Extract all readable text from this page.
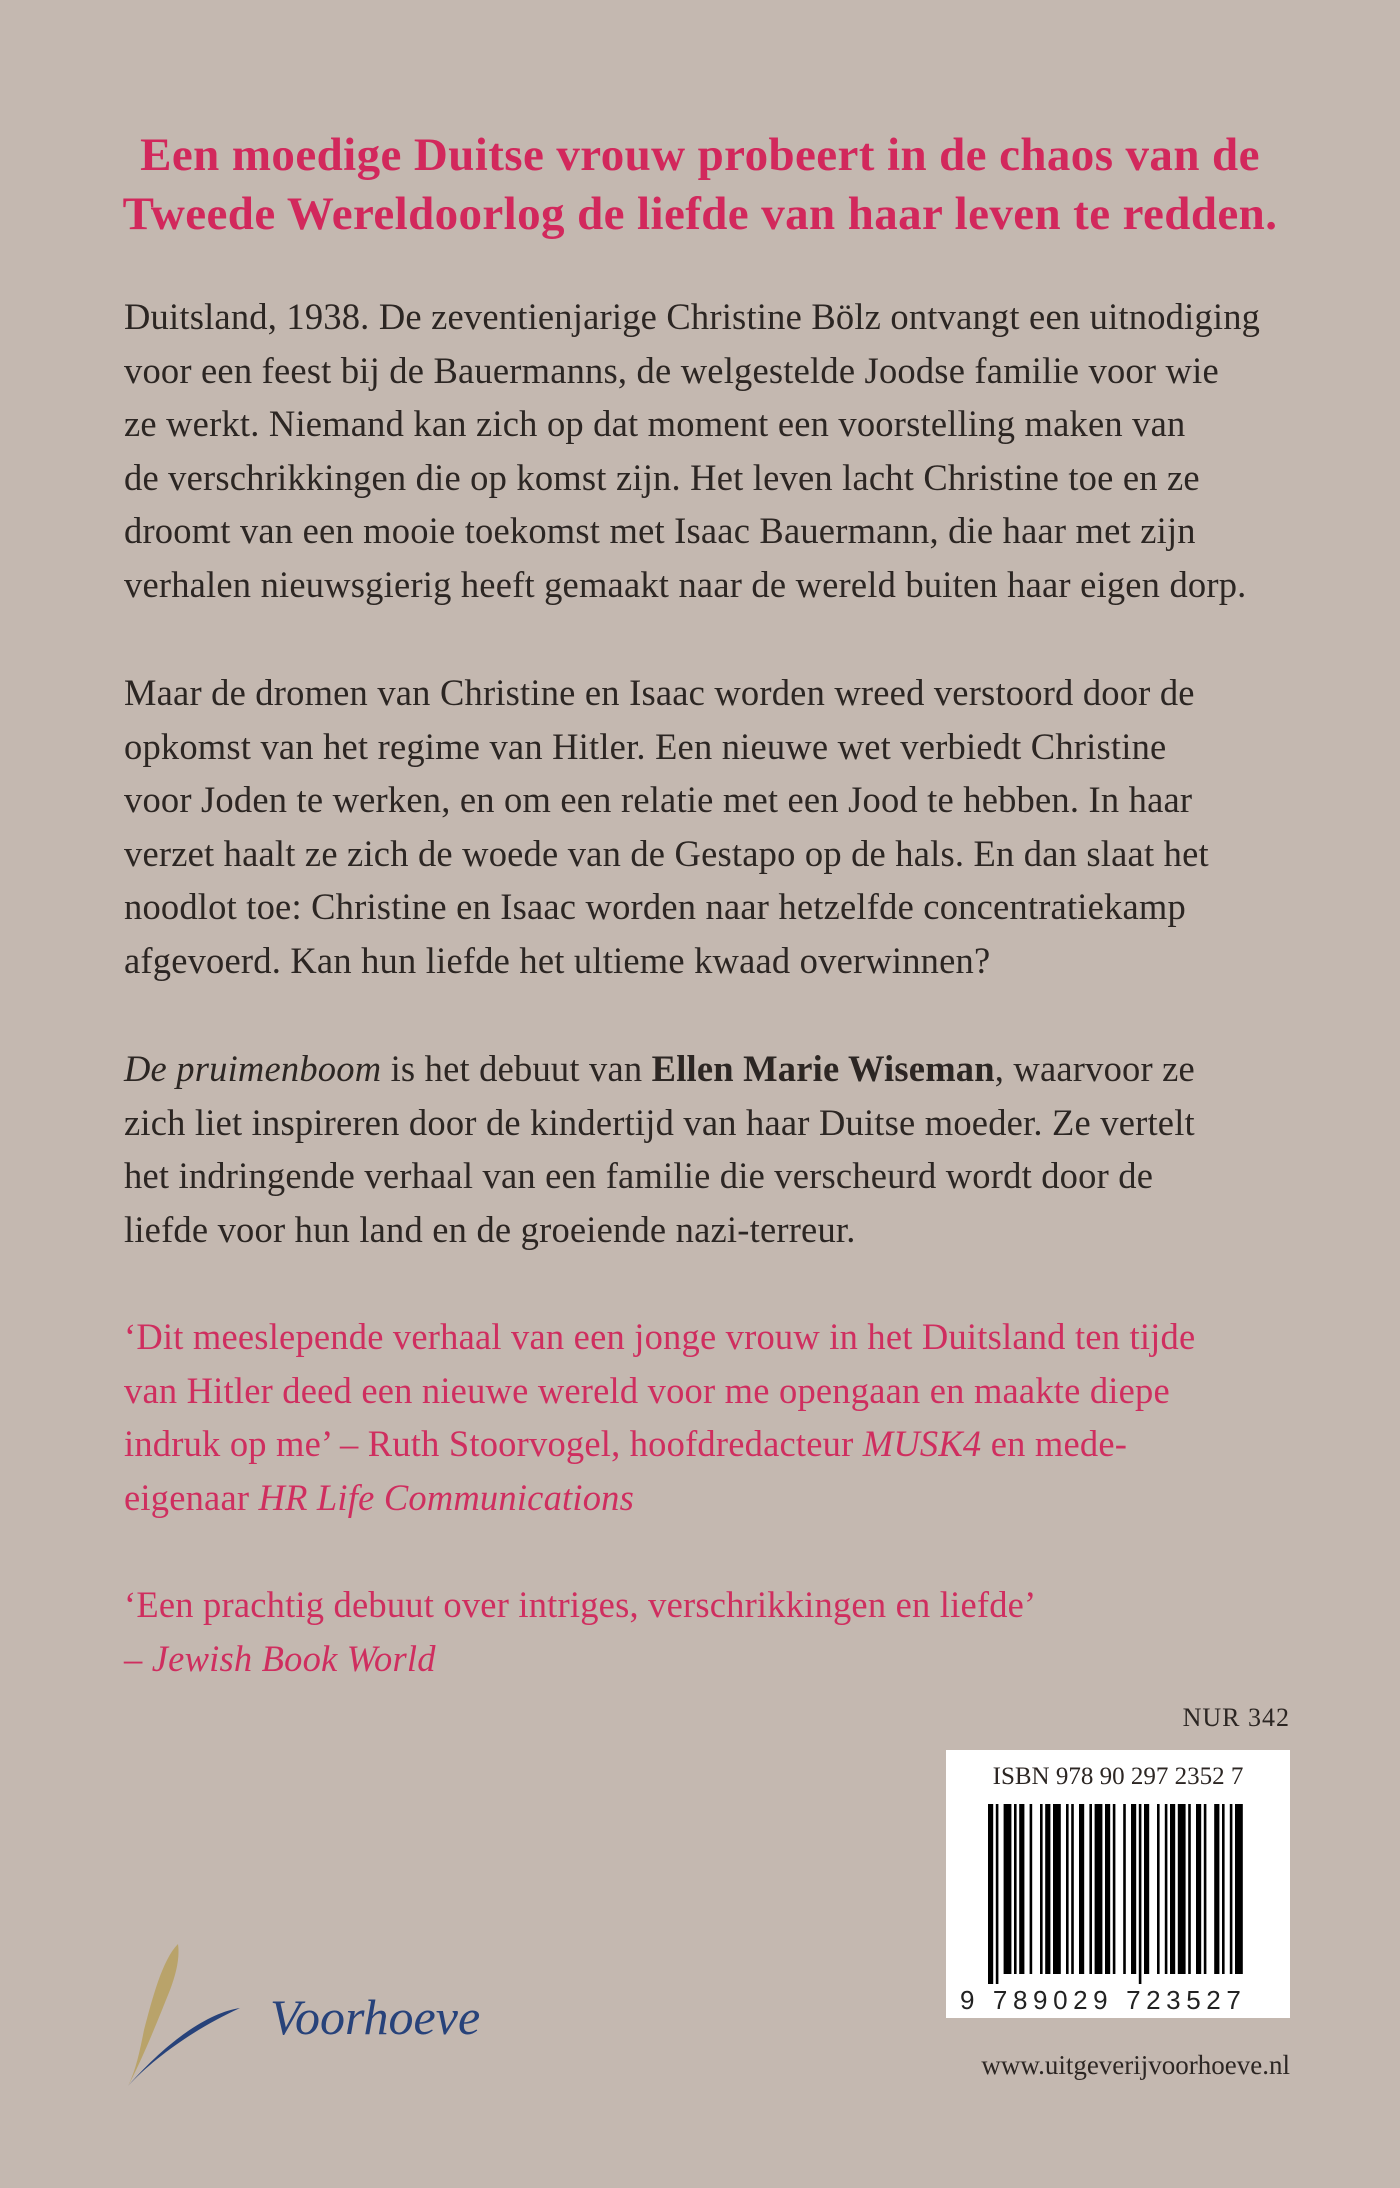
Een moedige Duitse vrouw probeert in de chaos van de
Tweede Wereldoorlog de liefde van haar leven te redden.
Duitsland, 1938. De zeventienjarige Christine Bölz ontvangt een uitnodiging
voor een feest bij de Bauermanns, de welgestelde Joodse familie voor wie
ze werkt. Niemand kan zich op dat moment een voorstelling maken van
de verschrikkingen die op komst zijn. Het leven lacht Christine toe en ze
droomt van een mooie toekomst met Isaac Bauermann, die haar met zijn
verhalen nieuwsgierig heeft gemaakt naar de wereld buiten haar eigen dorp.
Maar de dromen van Christine en Isaac worden wreed verstoord door de
opkomst van het regime van Hitler. Een nieuwe wet verbiedt Christine
voor Joden te werken, en om een relatie met een Jood te hebben. In haar
verzet haalt ze zich de woede van de Gestapo op de hals. En dan slaat het
noodlot toe: Christine en Isaac worden naar hetzelfde concentratiekamp
afgevoerd. Kan hun liefde het ultieme kwaad overwinnen?
De pruimenboom is het debuut van Ellen Marie Wiseman, waarvoor ze
zich liet inspireren door de kindertijd van haar Duitse moeder. Ze vertelt
het indringende verhaal van een familie die verscheurd wordt door de
liefde voor hun land en de groeiende nazi-terreur.
‘Dit meeslepende verhaal van een jonge vrouw in het Duitsland ten tijde
van Hitler deed een nieuwe wereld voor me opengaan en maakte diepe
indruk op me’ – Ruth Stoorvogel, hoofdredacteur MUSK4 en mede-
eigenaar HR Life Communications
‘Een prachtig debuut over intriges, verschrikkingen en liefde’
– Jewish Book World
NUR 342
ISBN 978 90 297 2352 7
9 789029 723527
www.uitgeverijvoorhoeve.nl
Voorhoeve
